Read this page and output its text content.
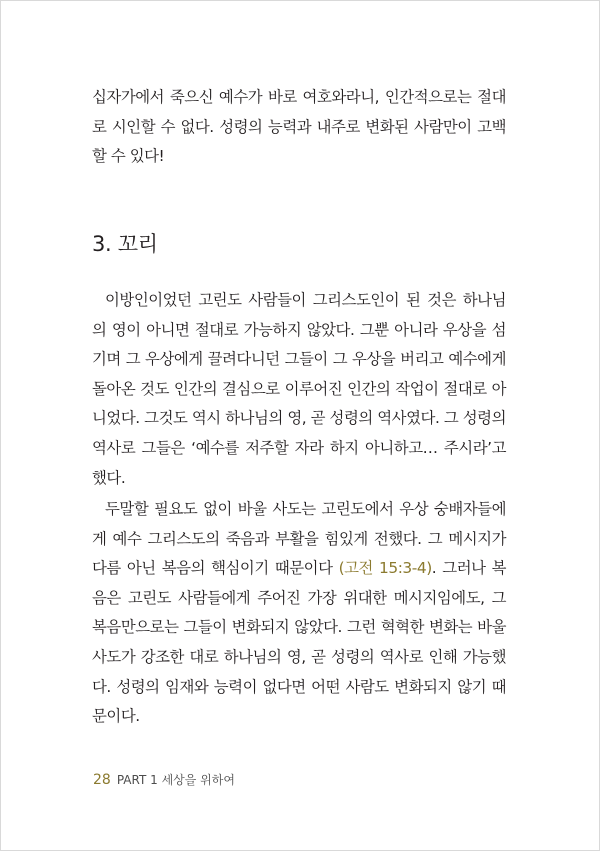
십자가에서 죽으신 예수가 바로 여호와라니, 인간적으로는 절대로 시인할 수 없다. 성령의 능력과 내주로 변화된 사람만이 고백할 수 있다!

3. 꼬리

이방인이었던 고린도 사람들이 그리스도인이 된 것은 하나님의 영이 아니면 절대로 가능하지 않았다. 그뿐 아니라 우상을 섬기며 그 우상에게 끌려다니던 그들이 그 우상을 버리고 예수에게 돌아온 것도 인간의 결심으로 이루어진 인간의 작업이 절대로 아니었다. 그것도 역시 하나님의 영, 곧 성령의 역사였다. 그 성령의 역사로 그들은 ‘예수를 저주할 자라 하지 아니하고… 주시라’고 했다.

두말할 필요도 없이 바울 사도는 고린도에서 우상 숭배자들에게 예수 그리스도의 죽음과 부활을 힘있게 전했다. 그 메시지가 다름 아닌 복음의 핵심이기 때문이다 (고전 15:3-4). 그러나 복음은 고린도 사람들에게 주어진 가장 위대한 메시지임에도, 그 복음만으로는 그들이 변화되지 않았다. 그런 혁혁한 변화는 바울 사도가 강조한 대로 하나님의 영, 곧 성령의 역사로 인해 가능했다. 성령의 임재와 능력이 없다면 어떤 사람도 변화되지 않기 때문이다.

28 PART 1 세상을 위하여
